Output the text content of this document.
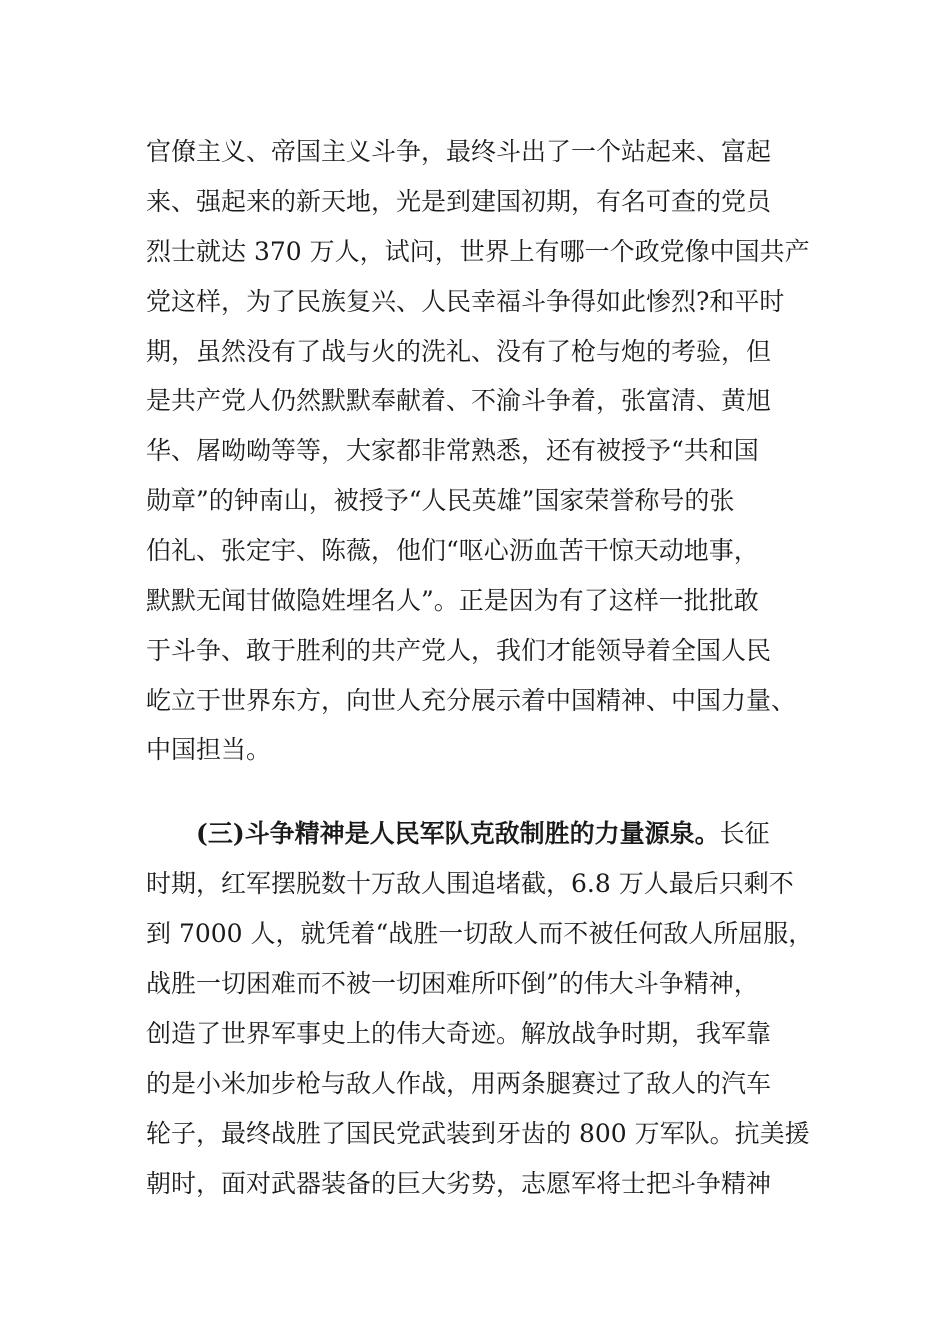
官僚主义、帝国主义斗争，最终斗出了一个站起来、富起
来、强起来的新天地，光是到建国初期，有名可查的党员
烈士就达 370 万人，试问，世界上有哪一个政党像中国共产
党这样，为了民族复兴、人民幸福斗争得如此惨烈?和平时
期，虽然没有了战与火的洗礼、没有了枪与炮的考验，但
是共产党人仍然默默奉献着、不渝斗争着，张富清、黄旭
华、屠呦呦等等，大家都非常熟悉，还有被授予“共和国
勋章”的钟南山，被授予“人民英雄”国家荣誉称号的张
伯礼、张定宇、陈薇，他们“呕心沥血苦干惊天动地事，
默默无闻甘做隐姓埋名人”。正是因为有了这样一批批敢
于斗争、敢于胜利的共产党人，我们才能领导着全国人民
屹立于世界东方，向世人充分展示着中国精神、中国力量、
中国担当。
(三)斗争精神是人民军队克敌制胜的力量源泉。长征
时期，红军摆脱数十万敌人围追堵截，6.8 万人最后只剩不
到 7000 人，就凭着“战胜一切敌人而不被任何敌人所屈服，
战胜一切困难而不被一切困难所吓倒”的伟大斗争精神，
创造了世界军事史上的伟大奇迹。解放战争时期，我军靠
的是小米加步枪与敌人作战，用两条腿赛过了敌人的汽车
轮子，最终战胜了国民党武装到牙齿的 800 万军队。抗美援
朝时，面对武器装备的巨大劣势，志愿军将士把斗争精神
